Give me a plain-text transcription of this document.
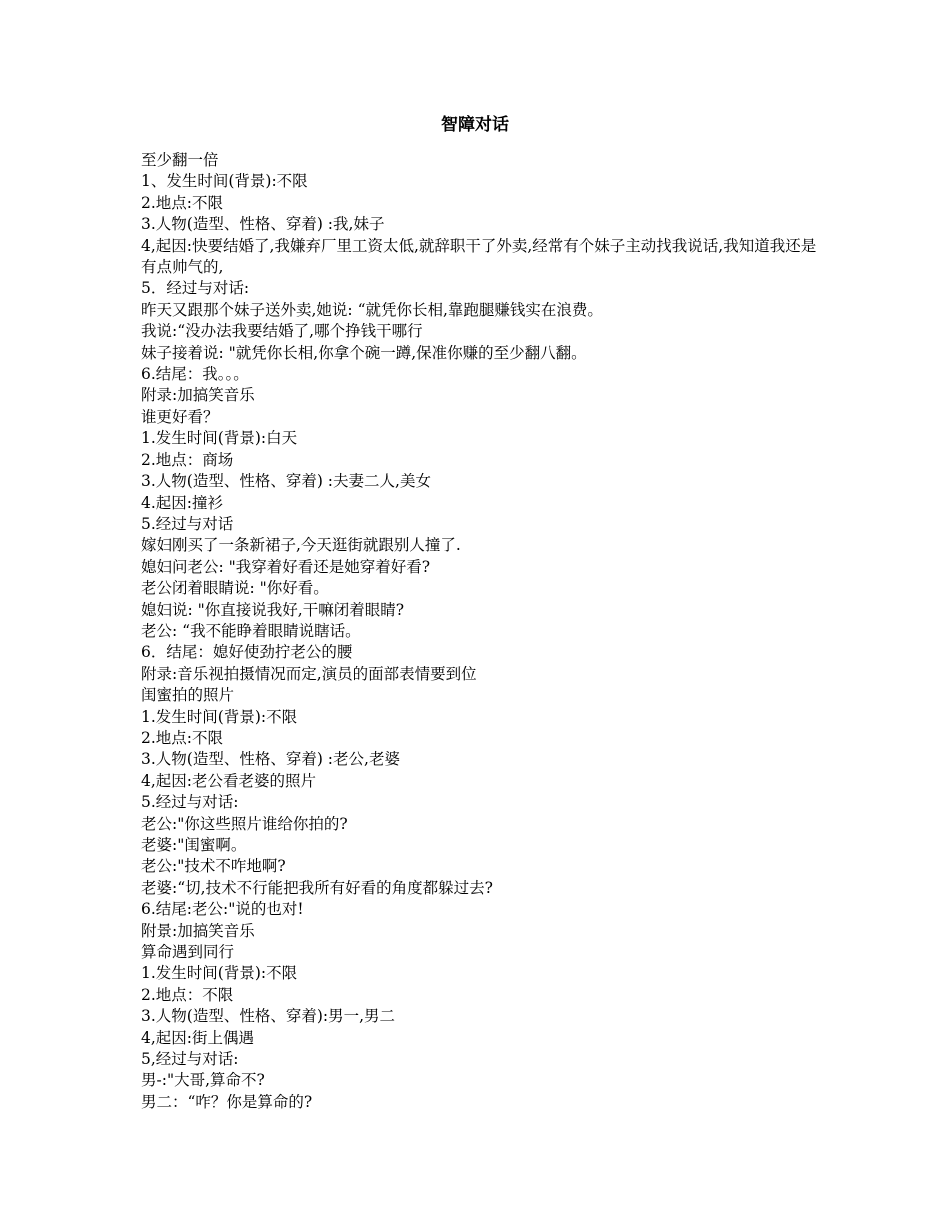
智障对话

至少翻一倍

1、发生时间(背景):不限

2.地点:不限

3.人物(造型、性格、穿着) :我,妹子

4,起因:快要结婚了,我嫌弃厂里工资太低,就辞职干了外卖,经常有个妹子主动找我说话,我知道我还是有点帅气的,

5．经过与对话:

昨天又跟那个妹子送外卖,她说: “就凭你长相,靠跑腿赚钱实在浪费。

我说:“没办法我要结婚了,哪个挣钱干哪行

妹子接着说: "就凭你长相,你拿个碗一蹲,保准你赚的至少翻八翻。

6.结尾：我。。。

附录:加搞笑音乐

谁更好看？

1.发生时间(背景):白天

2.地点：商场

3.人物(造型、性格、穿着) :夫妻二人,美女

4.起因:撞衫

5.经过与对话

嫁妇刚买了一条新裙子,今天逛街就跟别人撞了.

媳妇问老公: "我穿着好看还是她穿着好看?

老公闭着眼睛说: "你好看。

媳妇说: "你直接说我好,干嘛闭着眼睛?

老公: “我不能睁着眼睛说瞎话。

6．结尾：媳好使劲拧老公的腰

附录:音乐视拍摄情况而定,演员的面部表情要到位

闺蜜拍的照片

1.发生时间(背景):不限

2.地点:不限

3.人物(造型、性格、穿着) :老公,老婆

4,起因:老公看老婆的照片

5.经过与对话:

老公:"你这些照片谁给你拍的?

老婆:"闺蜜啊。

老公:"技术不咋地啊?

老婆:“切,技术不行能把我所有好看的角度都躲过去?

6.结尾:老公:"说的也对!

附景:加搞笑音乐

算命遇到同行

1.发生时间(背景):不限

2.地点：不限

3.人物(造型、性格、穿着):男一,男二

4,起因:街上偶遇

5,经过与对话:

男-:"大哥,算命不?

男二：“咋？你是算命的?
